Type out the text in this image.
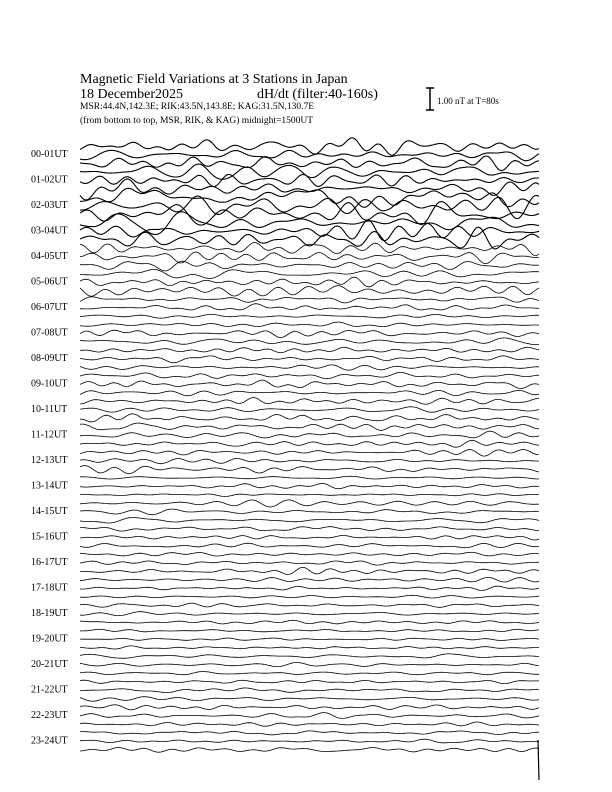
00-01UT
01-02UT
02-03UT
03-04UT
04-05UT
05-06UT
06-07UT
07-08UT
08-09UT
09-10UT
10-11UT
11-12UT
12-13UT
13-14UT
14-15UT
15-16UT
16-17UT
17-18UT
18-19UT
19-20UT
20-21UT
21-22UT
22-23UT
23-24UT
Magnetic Field Variations at 3 Stations in Japan
18 December2025	dH/dt (filter:40-160s)
MSR:44.4N,142.3E; RIK:43.5N,143.8E; KAG:31.5N,130.7E
(from bottom to top, MSR, RIK, & KAG) midnight=1500UT
1.00 nT at T=80s
